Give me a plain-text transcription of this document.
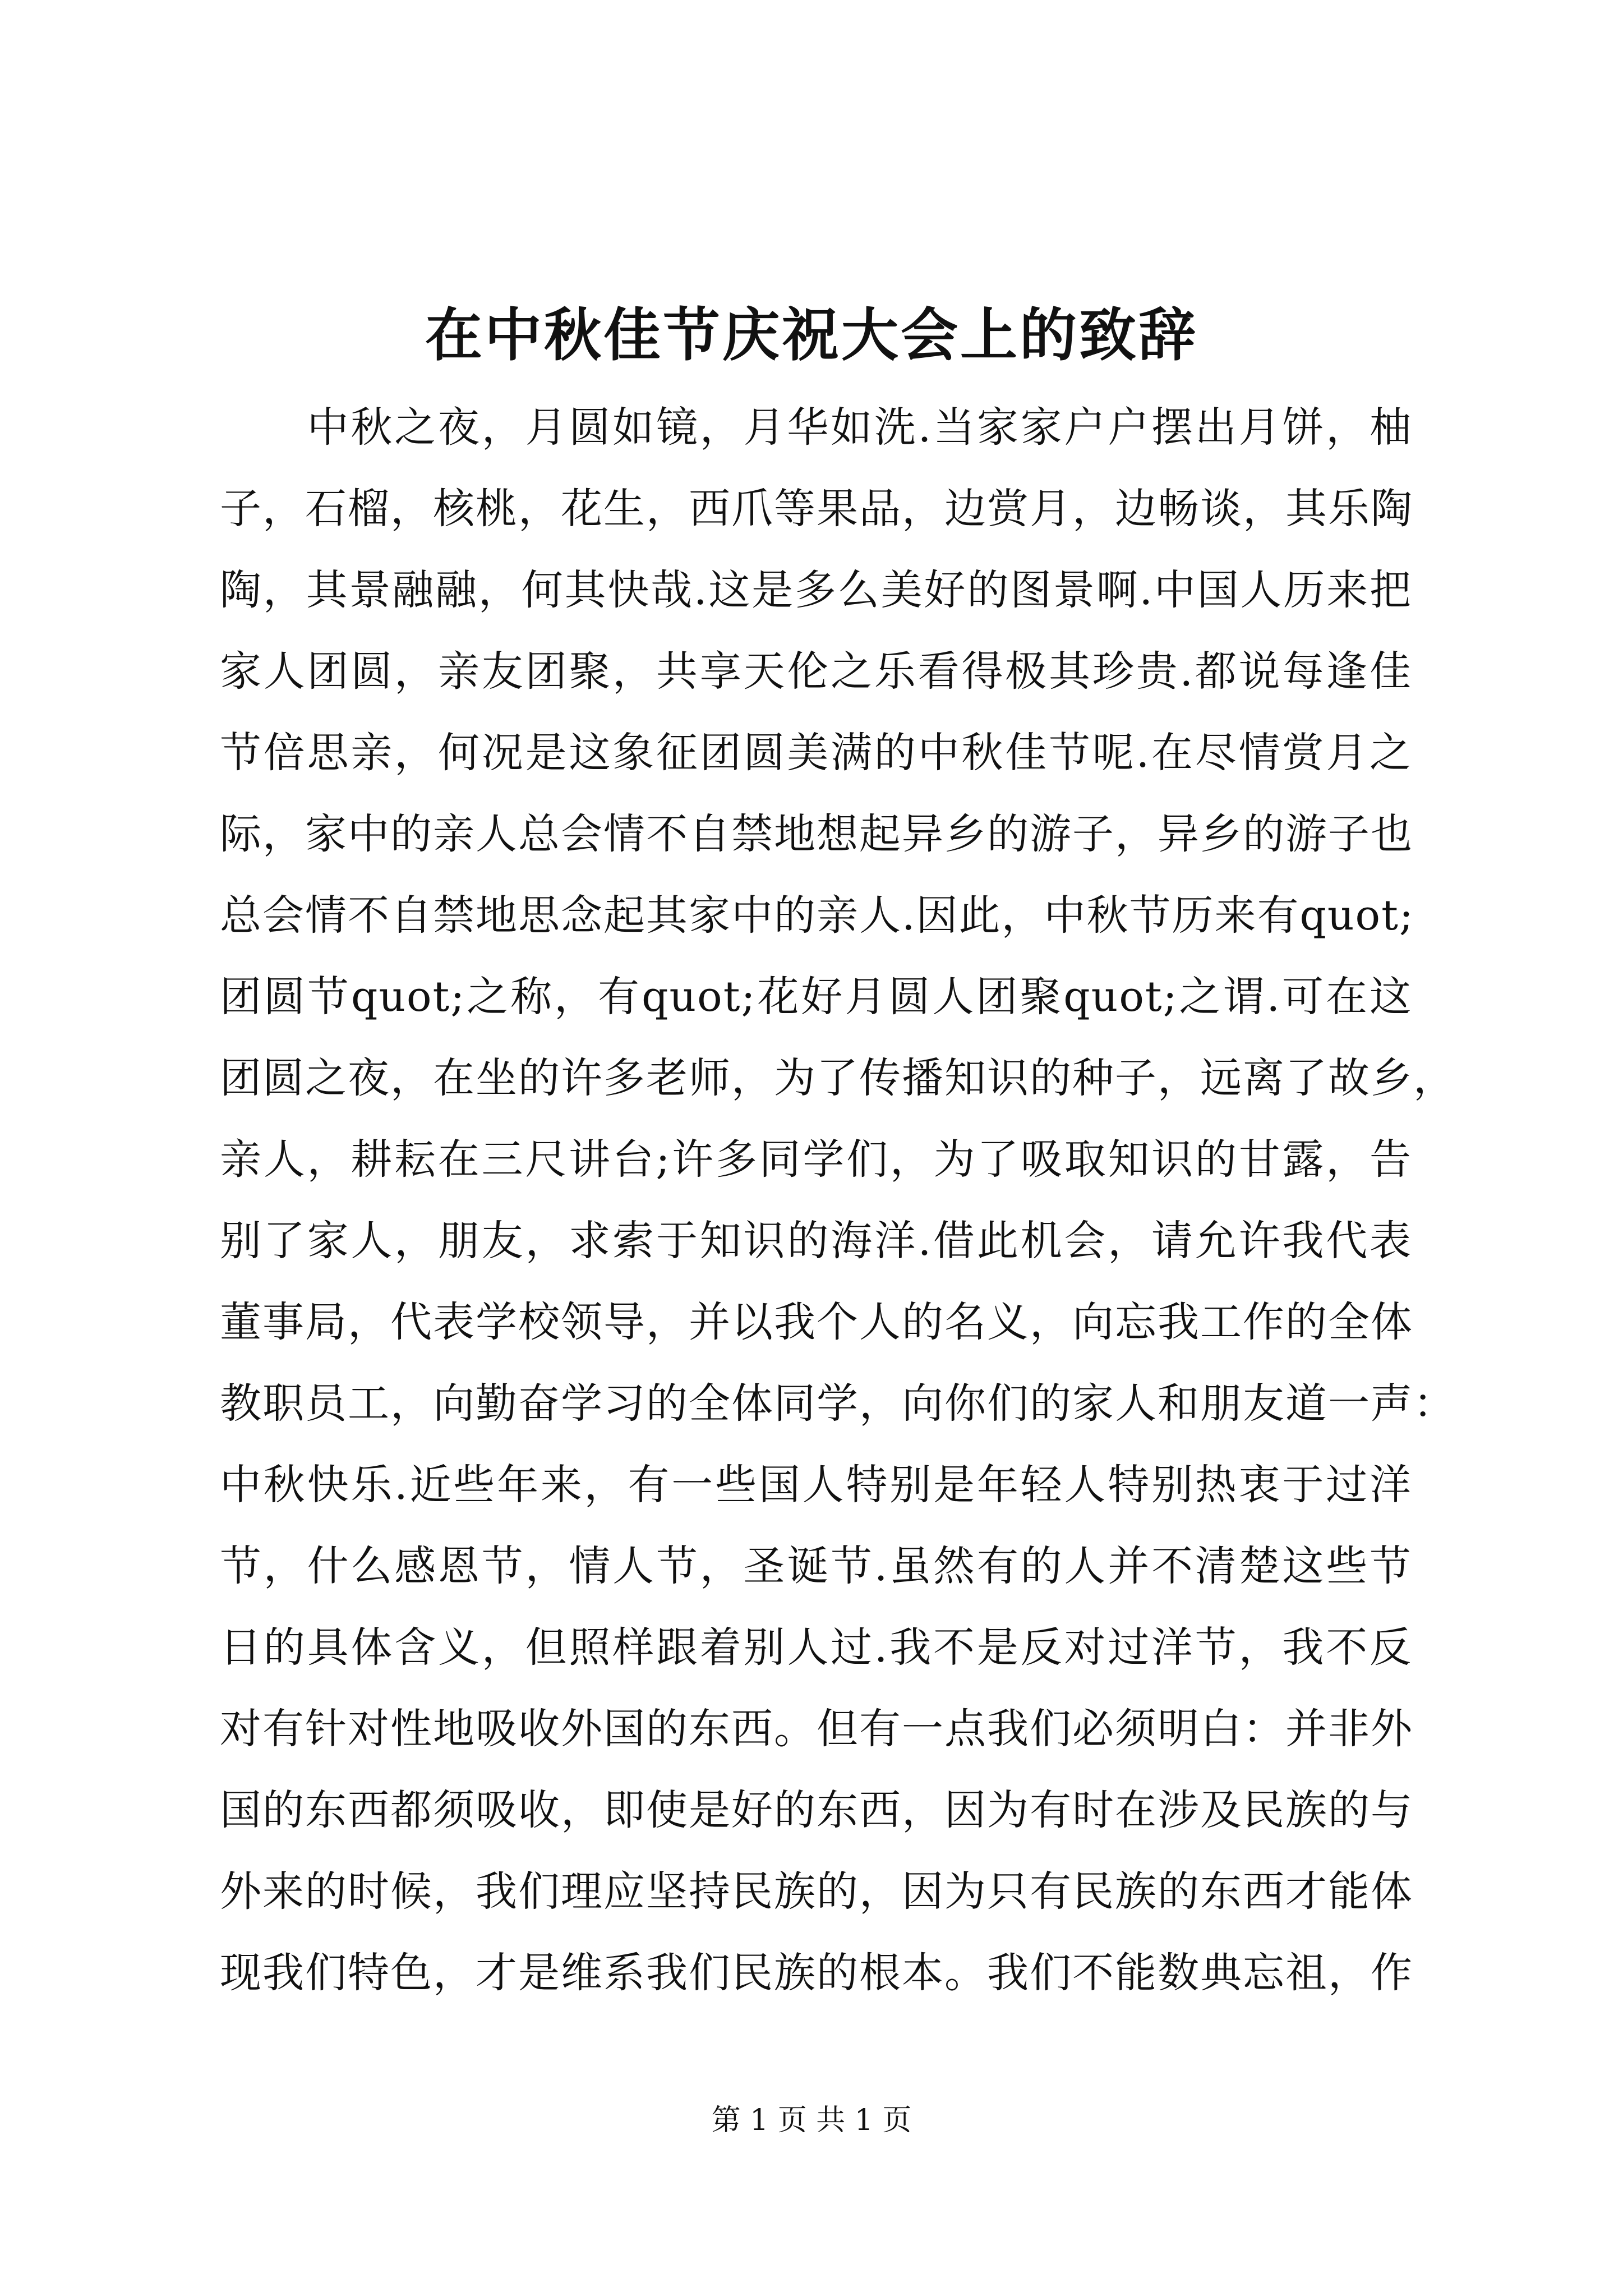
在中秋佳节庆祝大会上的致辞
　　中秋之夜，月圆如镜，月华如洗.当家家户户摆出月饼，柚
子，石榴，核桃，花生，西爪等果品，边赏月，边畅谈，其乐陶
陶，其景融融，何其快哉.这是多么美好的图景啊.中国人历来把
家人团圆，亲友团聚，共享天伦之乐看得极其珍贵.都说每逢佳
节倍思亲，何况是这象征团圆美满的中秋佳节呢.在尽情赏月之
际，家中的亲人总会情不自禁地想起异乡的游子，异乡的游子也
总会情不自禁地思念起其家中的亲人.因此，中秋节历来有quot;
团圆节quot;之称，有quot;花好月圆人团聚quot;之谓.可在这
团圆之夜，在坐的许多老师，为了传播知识的种子，远离了故乡，
亲人，耕耘在三尺讲台;许多同学们，为了吸取知识的甘露，告
别了家人，朋友，求索于知识的海洋.借此机会，请允许我代表
董事局，代表学校领导，并以我个人的名义，向忘我工作的全体
教职员工，向勤奋学习的全体同学，向你们的家人和朋友道一声：
中秋快乐.近些年来，有一些国人特别是年轻人特别热衷于过洋
节，什么感恩节，情人节，圣诞节.虽然有的人并不清楚这些节
日的具体含义，但照样跟着别人过.我不是反对过洋节，我不反
对有针对性地吸收外国的东西。但有一点我们必须明白：并非外
国的东西都须吸收，即使是好的东西，因为有时在涉及民族的与
外来的时候，我们理应坚持民族的，因为只有民族的东西才能体
现我们特色，才是维系我们民族的根本。我们不能数典忘祖，作
第 1 页 共 1 页
